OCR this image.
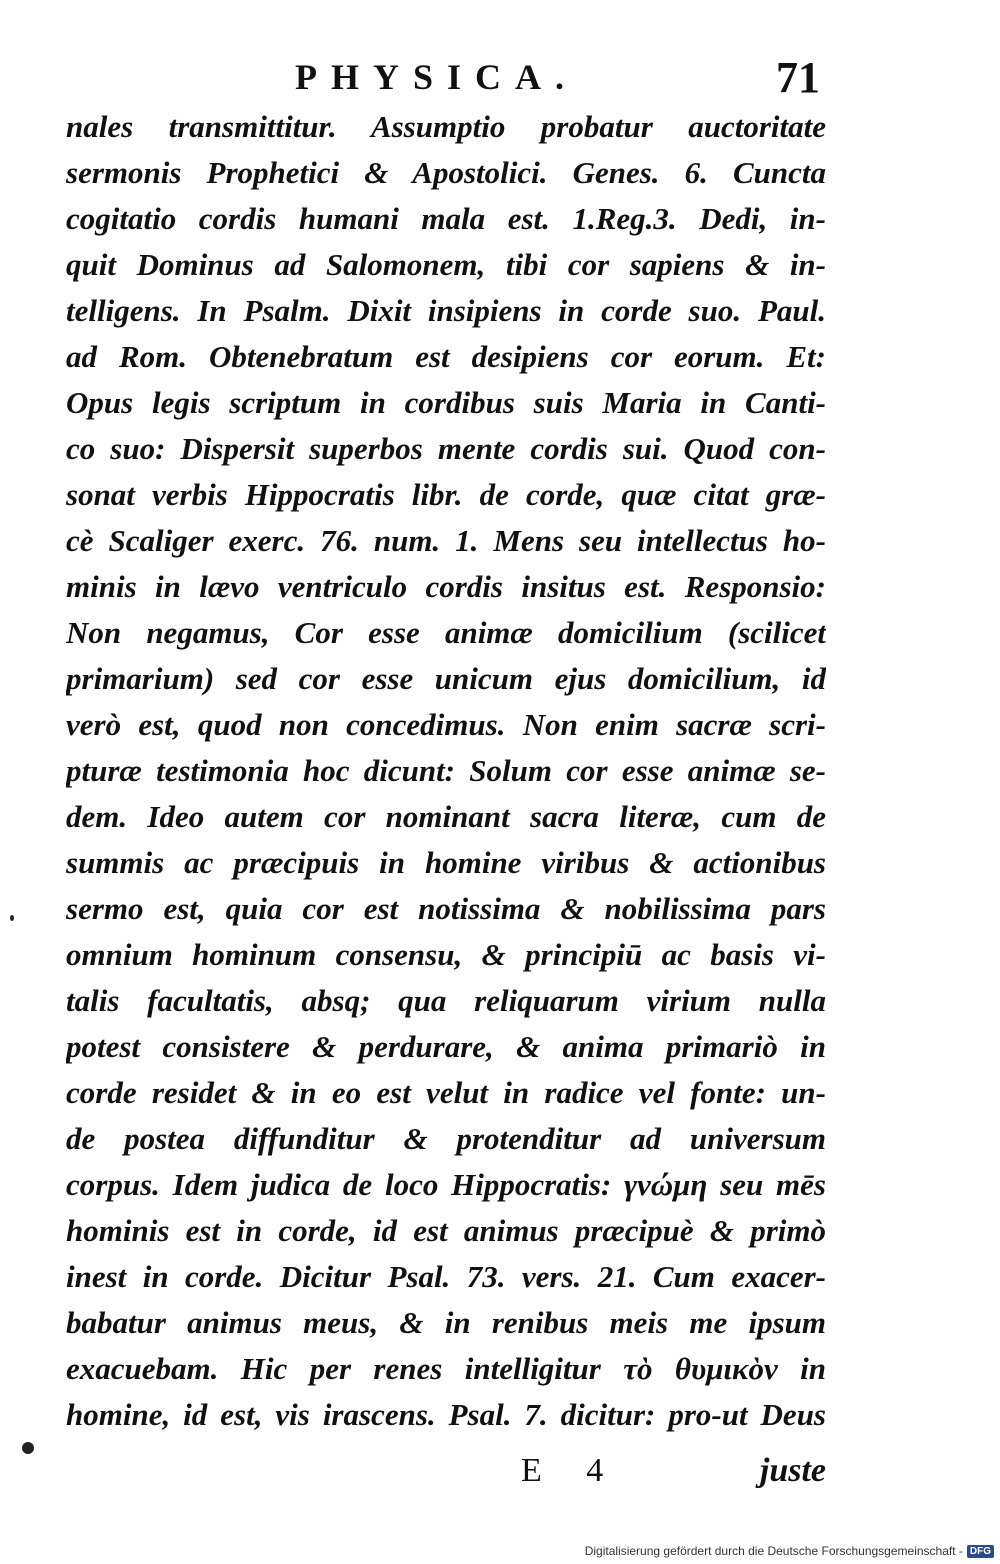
PHYSICA.	71
nales transmittitur. Assumptio probatur auctoritate
sermonis Prophetici & Apostolici. Genes. 6. Cuncta
cogitatio cordis humani mala est. 1.Reg.3. Dedi, in-
quit Dominus ad Salomonem, tibi cor sapiens & in-
telligens. In Psalm. Dixit insipiens in corde suo. Paul.
ad Rom. Obtenebratum est desipiens cor eorum. Et:
Opus legis scriptum in cordibus suis Maria in Canti-
co suo: Dispersit superbos mente cordis sui. Quod con-
sonat verbis Hippocratis libr. de corde, quæ citat græ-
cè Scaliger exerc. 76. num. 1. Mens seu intellectus ho-
minis in lævo ventriculo cordis insitus est. Responsio:
Non negamus, Cor esse animæ domicilium (scilicet
primarium) sed cor esse unicum ejus domicilium, id
verò est, quod non concedimus. Non enim sacræ scri-
pturæ testimonia hoc dicunt: Solum cor esse animæ se-
dem. Ideo autem cor nominant sacra literæ, cum de
summis ac præcipuis in homine viribus & actionibus
sermo est, quia cor est notissima & nobilissima pars
omnium hominum consensu, & principiū ac basis vi-
talis facultatis, absq; qua reliquarum virium nulla
potest consistere & perdurare, & anima primariò in
corde residet & in eo est velut in radice vel fonte: un-
de postea diffunditur & protenditur ad universum
corpus. Idem judica de loco Hippocratis: γνώμη seu mēs
hominis est in corde, id est animus præcipuè & primò
inest in corde. Dicitur Psal. 73. vers. 21. Cum exacer-
babatur animus meus, & in renibus meis me ipsum
exacuebam. Hic per renes intelligitur τὸ θυμικὸν in
homine, id est, vis irascens. Psal. 7. dicitur: pro-ut Deus
E 4	juste
Digitalisierung gefördert durch die Deutsche Forschungsgemeinschaft - DFG
